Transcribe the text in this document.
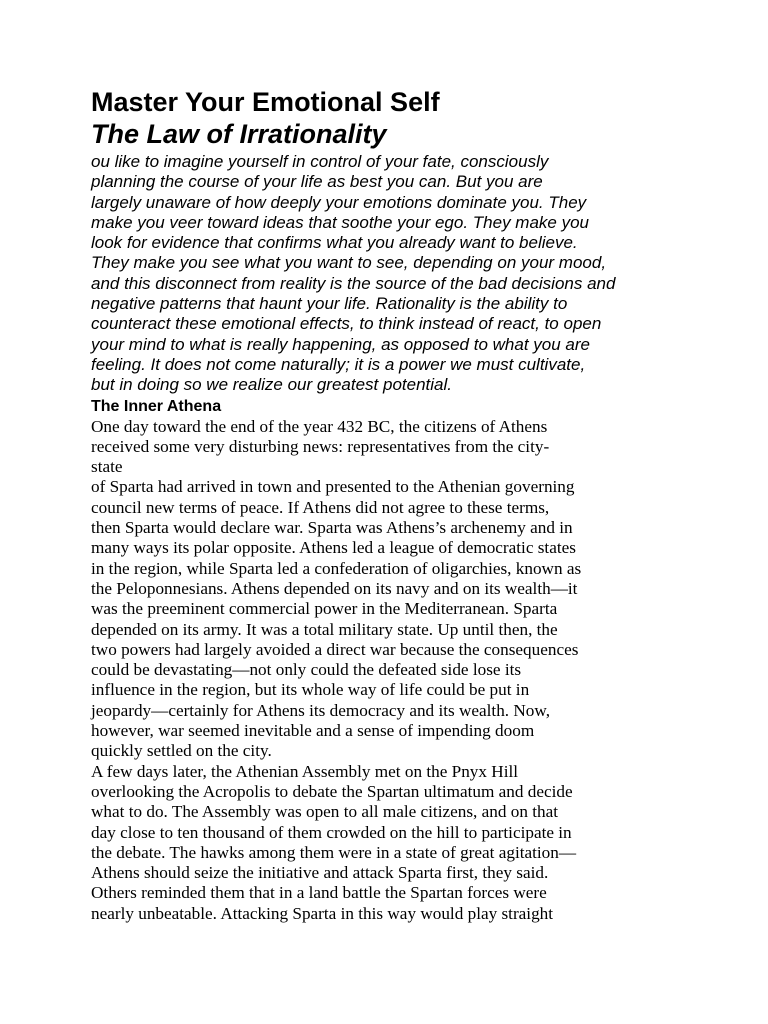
Master Your Emotional Self
The Law of Irrationality
ou like to imagine yourself in control of your fate, consciously
planning the course of your life as best you can. But you are
largely unaware of how deeply your emotions dominate you. They
make you veer toward ideas that soothe your ego. They make you
look for evidence that confirms what you already want to believe.
They make you see what you want to see, depending on your mood,
and this disconnect from reality is the source of the bad decisions and
negative patterns that haunt your life. Rationality is the ability to
counteract these emotional effects, to think instead of react, to open
your mind to what is really happening, as opposed to what you are
feeling. It does not come naturally; it is a power we must cultivate,
but in doing so we realize our greatest potential.
The Inner Athena
One day toward the end of the year 432 BC, the citizens of Athens
received some very disturbing news: representatives from the city-
state
of Sparta had arrived in town and presented to the Athenian governing
council new terms of peace. If Athens did not agree to these terms,
then Sparta would declare war. Sparta was Athens’s archenemy and in
many ways its polar opposite. Athens led a league of democratic states
in the region, while Sparta led a confederation of oligarchies, known as
the Peloponnesians. Athens depended on its navy and on its wealth—it
was the preeminent commercial power in the Mediterranean. Sparta
depended on its army. It was a total military state. Up until then, the
two powers had largely avoided a direct war because the consequences
could be devastating—not only could the defeated side lose its
influence in the region, but its whole way of life could be put in
jeopardy—certainly for Athens its democracy and its wealth. Now,
however, war seemed inevitable and a sense of impending doom
quickly settled on the city.
A few days later, the Athenian Assembly met on the Pnyx Hill
overlooking the Acropolis to debate the Spartan ultimatum and decide
what to do. The Assembly was open to all male citizens, and on that
day close to ten thousand of them crowded on the hill to participate in
the debate. The hawks among them were in a state of great agitation—
Athens should seize the initiative and attack Sparta first, they said.
Others reminded them that in a land battle the Spartan forces were
nearly unbeatable. Attacking Sparta in this way would play straight
